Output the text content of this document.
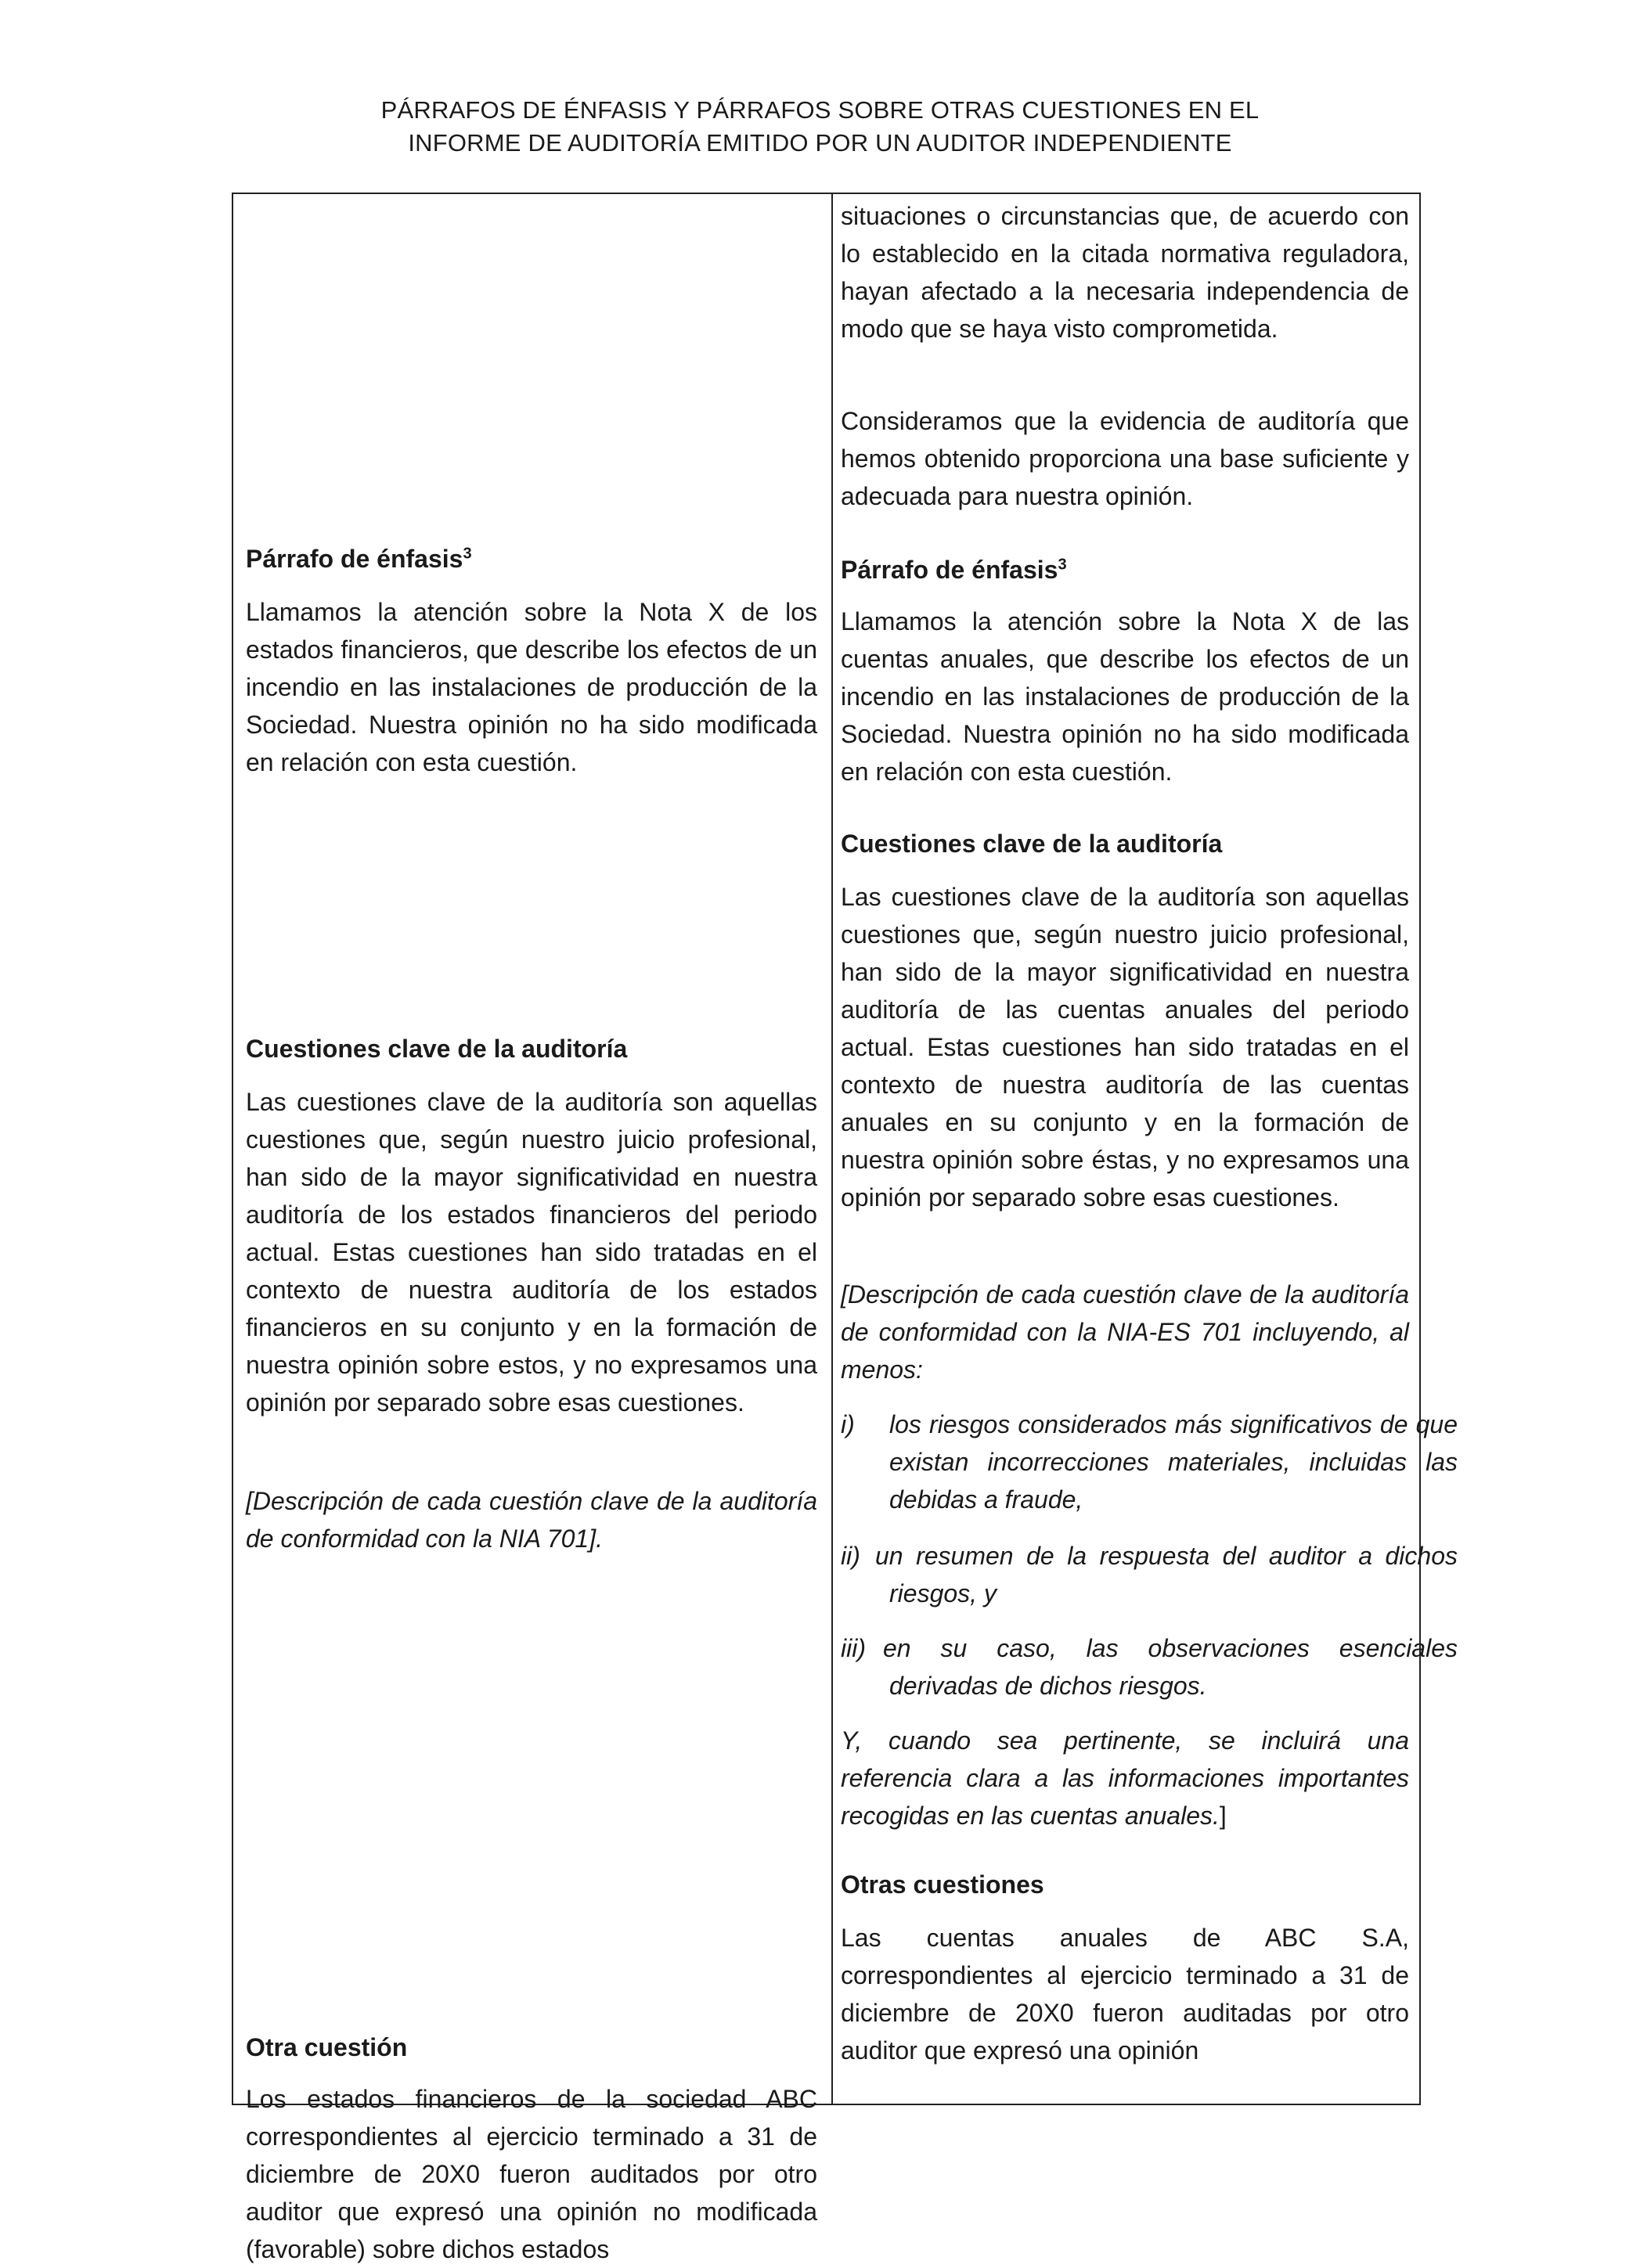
PÁRRAFOS DE ÉNFASIS Y PÁRRAFOS SOBRE OTRAS CUESTIONES EN EL
INFORME DE AUDITORÍA EMITIDO POR UN AUDITOR INDEPENDIENTE
Párrafo de énfasis$^3$

Llamamos la atención sobre la Nota X de los estados financieros, que describe los efectos de un incendio en las instalaciones de producción de la Sociedad. Nuestra opinión no ha sido modificada en relación con esta cuestión.

Cuestiones clave de la auditoría

Las cuestiones clave de la auditoría son aquellas cuestiones que, según nuestro juicio profesional, han sido de la mayor significatividad en nuestra auditoría de los estados financieros del periodo actual. Estas cuestiones han sido tratadas en el contexto de nuestra auditoría de los estados financieros en su conjunto y en la formación de nuestra opinión sobre estos, y no expresamos una opinión por separado sobre esas cuestiones.

[Descripción de cada cuestión clave de la auditoría de conformidad con la NIA 701].

Otra cuestión

Los estados financieros de la sociedad ABC correspondientes al ejercicio terminado a 31 de diciembre de 20X0 fueron auditados por otro auditor que expresó una opinión no modificada (favorable) sobre dichos estados

situaciones o circunstancias que, de acuerdo con lo establecido en la citada normativa reguladora, hayan afectado a la necesaria independencia de modo que se haya visto comprometida.

Consideramos que la evidencia de auditoría que hemos obtenido proporciona una base suficiente y adecuada para nuestra opinión.

Párrafo de énfasis$^3$

Llamamos la atención sobre la Nota X de las cuentas anuales, que describe los efectos de un incendio en las instalaciones de producción de la Sociedad. Nuestra opinión no ha sido modificada en relación con esta cuestión.

Cuestiones clave de la auditoría

Las cuestiones clave de la auditoría son aquellas cuestiones que, según nuestro juicio profesional, han sido de la mayor significatividad en nuestra auditoría de las cuentas anuales del periodo actual. Estas cuestiones han sido tratadas en el contexto de nuestra auditoría de las cuentas anuales en su conjunto y en la formación de nuestra opinión sobre éstas, y no expresamos una opinión por separado sobre esas cuestiones.

[Descripción de cada cuestión clave de la auditoría de conformidad con la NIA-ES 701 incluyendo, al menos:

i) los riesgos considerados más significativos de que existan incorrecciones materiales, incluidas las debidas a fraude,

ii) un resumen de la respuesta del auditor a dichos riesgos, y

iii) en su caso, las observaciones esenciales derivadas de dichos riesgos.

Y, cuando sea pertinente, se incluirá una referencia clara a las informaciones importantes recogidas en las cuentas anuales.]

Otras cuestiones

Las cuentas anuales de ABC S.A, correspondientes al ejercicio terminado a 31 de diciembre de 20X0 fueron auditadas por otro auditor que expresó una opinión
